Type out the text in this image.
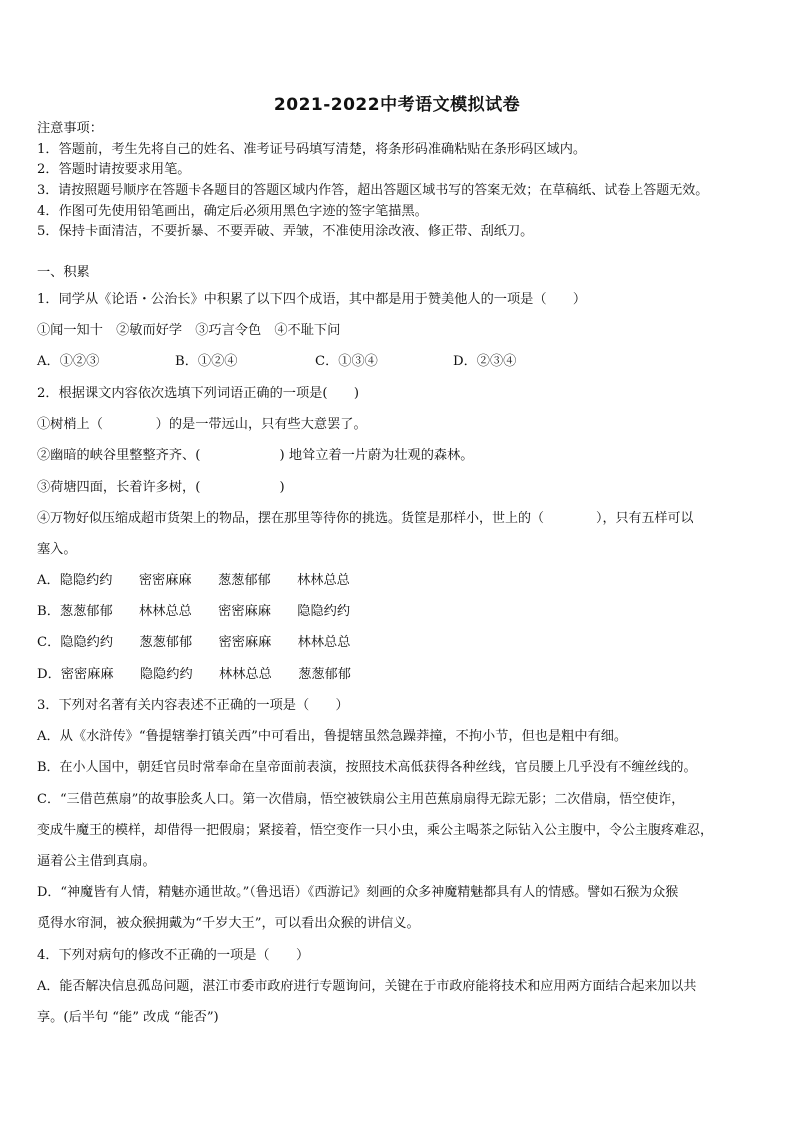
2021-2022中考语文模拟试卷
注意事项：
1．答题前，考生先将自己的姓名、准考证号码填写清楚，将条形码准确粘贴在条形码区域内。
2．答题时请按要求用笔。
3．请按照题号顺序在答题卡各题目的答题区域内作答，超出答题区域书写的答案无效；在草稿纸、试卷上答题无效。
4．作图可先使用铅笔画出，确定后必须用黑色字迹的签字笔描黑。
5．保持卡面清洁，不要折暴、不要弄破、弄皱，不准使用涂改液、修正带、刮纸刀。
一、积累
1．同学从《论语・公治长》中积累了以下四个成语，其中都是用于赞美他人的一项是（　　）
①闻一知十　②敏而好学　③巧言令色　④不耻下问
A．①②③	B．①②④	C．①③④	D．②③④
2．根据课文内容依次选填下列词语正确的一项是(　　)
①树梢上（　　　　）的是一带远山，只有些大意罢了。
②幽暗的峡谷里整整齐齐、(　　　　　　) 地耸立着一片蔚为壮观的森林。
③荷塘四面，长着许多树，(　　　　　　)
④万物好似压缩成超市货架上的物品，摆在那里等待你的挑选。货筐是那样小，世上的（　　　　），只有五样可以
塞入。
A．隐隐约约　　密密麻麻　　葱葱郁郁　　林林总总
B．葱葱郁郁　　林林总总　　密密麻麻　　隐隐约约
C．隐隐约约　　葱葱郁郁　　密密麻麻　　林林总总
D．密密麻麻　　隐隐约约　　林林总总　　葱葱郁郁
3．下列对名著有关内容表述不正确的一项是（　　）
A．从《水浒传》“鲁提辖拳打镇关西”中可看出，鲁提辖虽然急躁莽撞，不拘小节，但也是粗中有细。
B．在小人国中，朝廷官员时常奉命在皇帝面前表演，按照技术高低获得各种丝线，官员腰上几乎没有不缠丝线的。
C．“三借芭蕉扇”的故事脍炙人口。第一次借扇，悟空被铁扇公主用芭蕉扇扇得无踪无影；二次借扇，悟空使诈，
变成牛魔王的模样，却借得一把假扇；紧接着，悟空变作一只小虫，乘公主喝茶之际钻入公主腹中，令公主腹疼难忍，
逼着公主借到真扇。
D．“神魔皆有人情，精魅亦通世故。”（鲁迅语）《西游记》刻画的众多神魔精魅都具有人的情感。譬如石猴为众猴
觅得水帘洞，被众猴拥戴为“千岁大王”，可以看出众猴的讲信义。
4．下列对病句的修改不正确的一项是（　　）
A．能否解决信息孤岛问题，湛江市委市政府进行专题询问，关键在于市政府能将技术和应用两方面结合起来加以共
享。(后半句 “能” 改成 “能否”)
